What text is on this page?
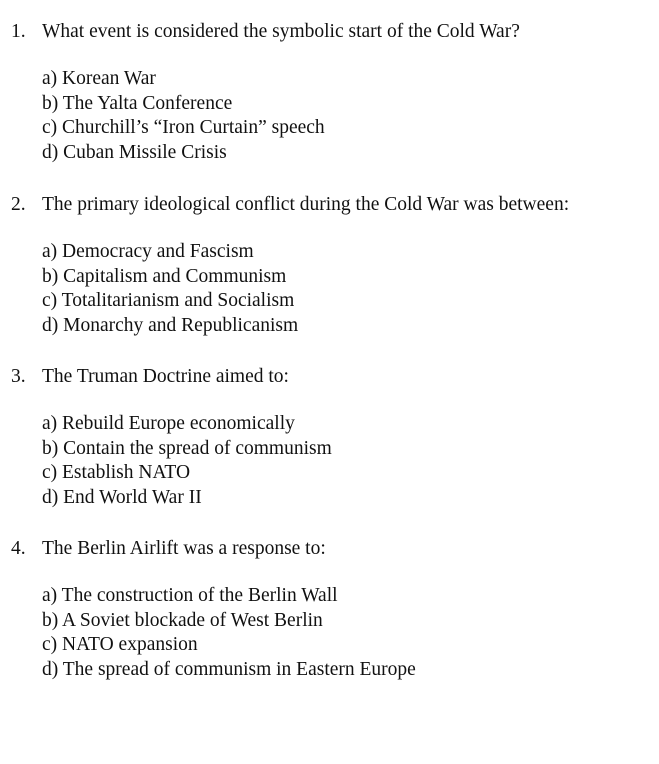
1. What event is considered the symbolic start of the Cold War?
a) Korean War
b) The Yalta Conference
c) Churchill’s “Iron Curtain” speech
d) Cuban Missile Crisis
2. The primary ideological conflict during the Cold War was between:
a) Democracy and Fascism
b) Capitalism and Communism
c) Totalitarianism and Socialism
d) Monarchy and Republicanism
3. The Truman Doctrine aimed to:
a) Rebuild Europe economically
b) Contain the spread of communism
c) Establish NATO
d) End World War II
4. The Berlin Airlift was a response to:
a) The construction of the Berlin Wall
b) A Soviet blockade of West Berlin
c) NATO expansion
d) The spread of communism in Eastern Europe
